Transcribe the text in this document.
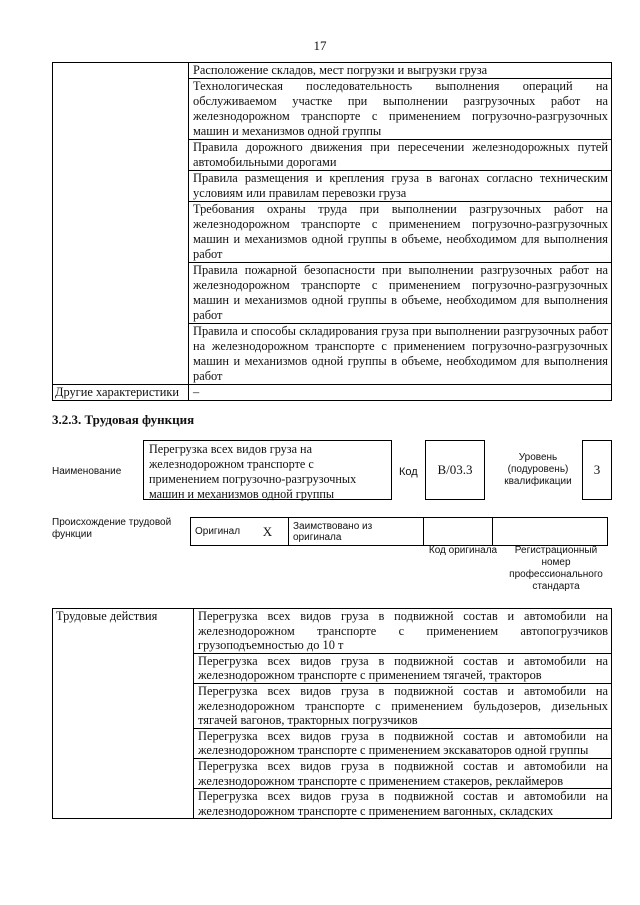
17

	Расположение складов, мест погрузки и выгрузки груза

	Технологическая последовательность выполнения операций на обслуживаемом участке при выполнении разгрузочных работ на железнодорожном транспорте с применением погрузочно-разгрузочных машин и механизмов одной группы

	Правила дорожного движения при пересечении железнодорожных путей автомобильными дорогами

	Правила размещения и крепления груза в вагонах согласно техническим условиям или правилам перевозки груза

	Требования охраны труда при выполнении разгрузочных работ на железнодорожном транспорте с применением погрузочно-разгрузочных машин и механизмов одной группы в объеме, необходимом для выполнения работ

	Правила пожарной безопасности при выполнении разгрузочных работ на железнодорожном транспорте с применением погрузочно-разгрузочных машин и механизмов одной группы в объеме, необходимом для выполнения работ

	Правила и способы складирования груза при выполнении разгрузочных работ на железнодорожном транспорте с применением погрузочно-разгрузочных машин и механизмов одной группы в объеме, необходимом для выполнения работ

Другие характеристики	–
3.2.3. Трудовая функция
Наименование
Перегрузка всех видов груза на железнодорожном транспорте с применением погрузочно-разгрузочных машин и механизмов одной группы
Код В/03.3
Уровень (подуровень) квалификации
3
Происхождение трудовой функции	Оригинал	X	Заимствовано из оригинала		
Код оригинала	Регистрационный номер профессионального стандарта
Трудовые действия	Перегрузка всех видов груза в подвижной состав и автомобили на железнодорожном транспорте с применением автопогрузчиков грузоподъемностью до 10 т

Перегрузка всех видов груза в подвижной состав и автомобили на железнодорожном транспорте с применением тягачей, тракторов

Перегрузка всех видов груза в подвижной состав и автомобили на железнодорожном транспорте с применением бульдозеров, дизельных тягачей вагонов, тракторных погрузчиков

Перегрузка всех видов груза в подвижной состав и автомобили на железнодорожном транспорте с применением экскаваторов одной группы

Перегрузка всех видов груза в подвижной состав и автомобили на железнодорожном транспорте с применением стакеров, реклаймеров

Перегрузка всех видов груза в подвижной состав и автомобили на железнодорожном транспорте с применением вагонных, складских
